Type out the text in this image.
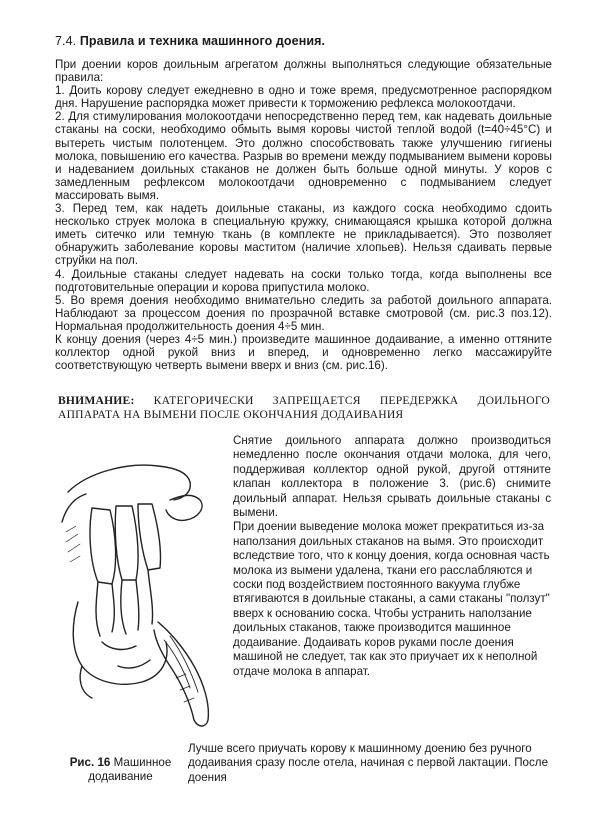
7.4. Правила и техника машинного доения.

При доении коров доильным агрегатом должны выполняться следующие обязательные правила:

1. Доить корову следует ежедневно в одно и тоже время, предусмотренное распорядком дня. Нарушение распорядка может привести к торможению рефлекса молокоотдачи.

2. Для стимулирования молокоотдачи непосредственно перед тем, как надевать доильные стаканы на соски, необходимо обмыть вымя коровы чистой теплой водой (t=40÷45°C) и вытереть чистым полотенцем. Это должно способствовать также улучшению гигиены молока, повышению его качества. Разрыв во времени между подмыванием вымени коровы и надеванием доильных стаканов не должен быть больше одной минуты. У коров с замедленным рефлексом молокоотдачи одновременно с подмыванием следует массировать вымя.

3. Перед тем, как надеть доильные стаканы, из каждого соска необходимо сдоить несколько струек молока в специальную кружку, снимающаяся крышка которой должна иметь ситечко или темную ткань (в комплекте не прикладывается). Это позволяет обнаружить заболевание коровы маститом (наличие хлопьев). Нельзя сдаивать первые струйки на пол.

4. Доильные стаканы следует надевать на соски только тогда, когда выполнены все подготовительные операции и корова припустила молоко.

5. Во время доения необходимо внимательно следить за работой доильного аппарата. Наблюдают за процессом доения по прозрачной вставке смотровой (см. рис.3 поз.12). Нормальная продолжительность доения 4÷5 мин.

К концу доения (через 4÷5 мин.) произведите машинное додаивание, а именно оттяните коллектор одной рукой вниз и вперед, и одновременно легко массажируйте соответствующую четверть вымени вверх и вниз (см. рис.16).

ВНИМАНИЕ: КАТЕГОРИЧЕСКИ ЗАПРЕЩАЕТСЯ ПЕРЕДЕРЖКА ДОИЛЬНОГО АППАРАТА НА ВЫМЕНИ ПОСЛЕ ОКОНЧАНИЯ ДОДАИВАНИЯ
Рис. 16 Машинное додаивание

Снятие доильного аппарата должно производиться немедленно после окончания отдачи молока, для чего, поддерживая коллектор одной рукой, другой оттяните клапан коллектора в положение 3. (рис.6) снимите доильный аппарат. Нельзя срывать доильные стаканы с вымени.

При доении выведение молока может прекратиться из-за наползания доильных стаканов на вымя. Это происходит вследствие того, что к концу доения, когда основная часть молока из вымени удалена, ткани его расслабляются и соски под воздействием постоянного вакуума глубже втягиваются в доильные стаканы, а сами стаканы "ползут" вверх к основанию соска. Чтобы устранить наползание доильных стаканов, также производится машинное додаивание. Додаивать коров руками после доения машиной не следует, так как это приучает их к неполной отдаче молока в аппарат.

Лучше всего приучать корову к машинному доению без ручного додаивания сразу после отела, начиная с первой лактации. После доения
